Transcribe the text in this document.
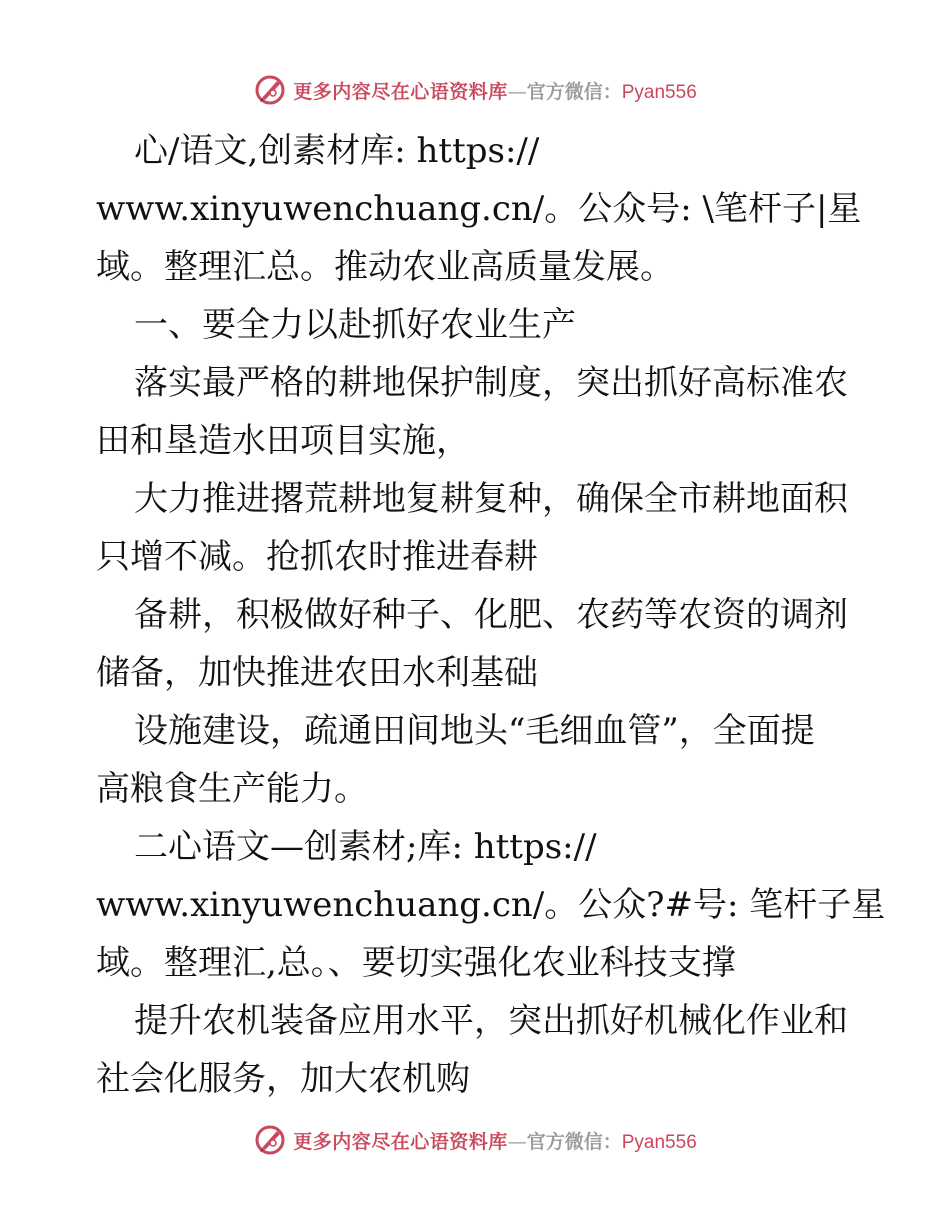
更多内容尽在心语资料库 — 官方微信： Pyan556
心/语文,创素材库: https://
www.xinyuwenchuang.cn/。公众号: \笔杆子|星
域。整理汇总。推动农业高质量发展。
一、要全力以赴抓好农业生产
落实最严格的耕地保护制度，突出抓好高标准农
田和垦造水田项目实施，
大力推进撂荒耕地复耕复种，确保全市耕地面积
只增不减。抢抓农时推进春耕
备耕，积极做好种子、化肥、农药等农资的调剂
储备，加快推进农田水利基础
设施建设，疏通田间地头“毛细血管”，全面提
高粮食生产能力。
二心语文—创素材;库: https://
www.xinyuwenchuang.cn/。公众?#号: 笔杆子星
域。整理汇,总。、要切实强化农业科技支撑
提升农机装备应用水平，突出抓好机械化作业和
社会化服务，加大农机购
更多内容尽在心语资料库 — 官方微信： Pyan556
